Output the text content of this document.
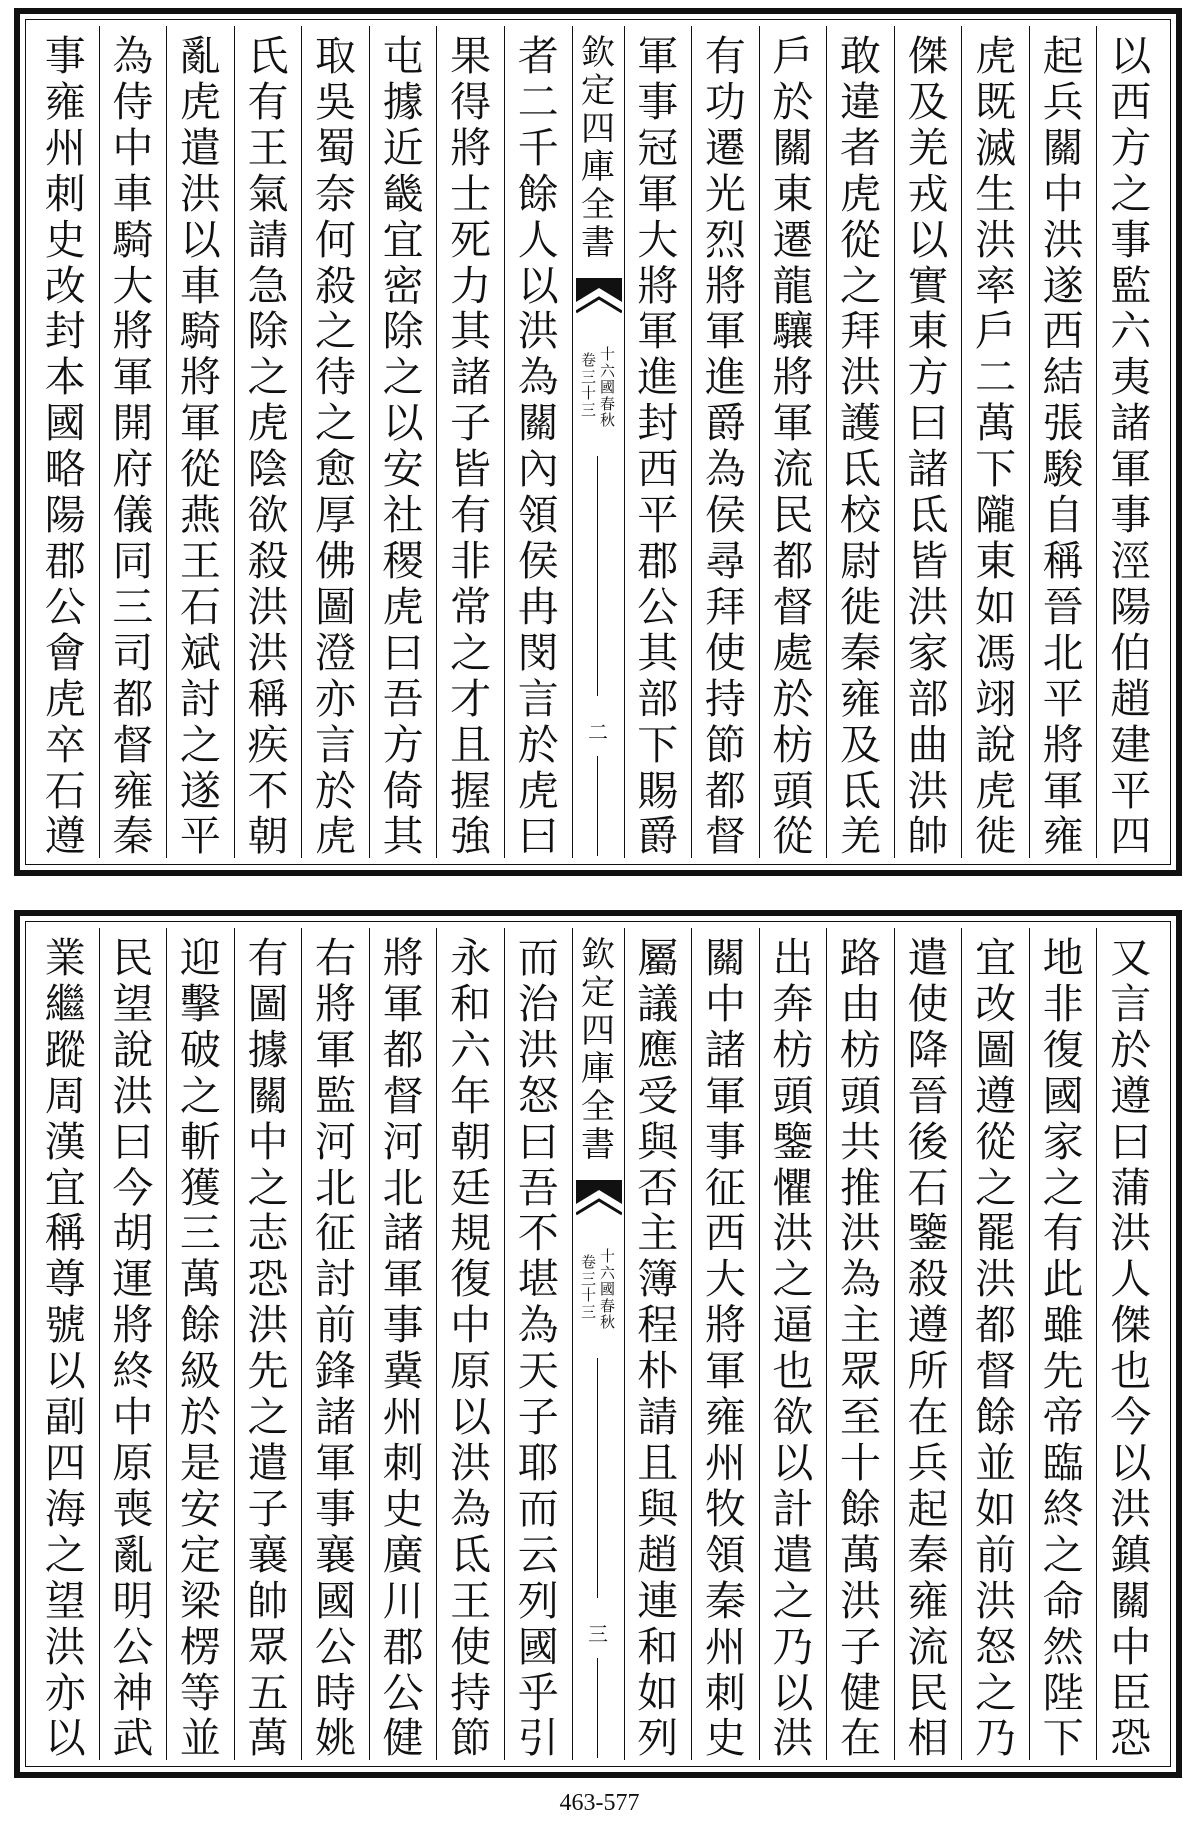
以西方之事監六夷諸軍事涇陽伯趙建平四
起兵關中洪遂西結張駿自稱晉北平將軍雍
虎既滅生洪率戶二萬下隴東如馮翊說虎徙
傑及羌戎以實東方曰諸氐皆洪家部曲洪帥
敢違者虎從之拜洪護氐校尉徙秦雍及氐羌
戶於關東遷龍驤將軍流民都督處於枋頭從
有功遷光烈將軍進爵為侯尋拜使持節都督
軍事冠軍大將軍進封西平郡公其部下賜爵
欽定四庫全書
十六國春秋
卷三十三
二
者二千餘人以洪為關內領侯冉閔言於虎曰
果得將士死力其諸子皆有非常之才且握強
屯據近畿宜密除之以安社稷虎曰吾方倚其
取吳蜀奈何殺之待之愈厚佛圖澄亦言於虎
氏有王氣請急除之虎陰欲殺洪洪稱疾不朝
亂虎遣洪以車騎將軍從燕王石斌討之遂平
為侍中車騎大將軍開府儀同三司都督雍秦
事雍州刺史改封本國略陽郡公會虎卒石遵
又言於遵曰蒲洪人傑也今以洪鎮關中臣恐
地非復國家之有此雖先帝臨終之命然陛下
宜改圖遵從之罷洪都督餘並如前洪怒之乃
遣使降晉後石鑒殺遵所在兵起秦雍流民相
路由枋頭共推洪為主眾至十餘萬洪子健在
出奔枋頭鑒懼洪之逼也欲以計遣之乃以洪
關中諸軍事征西大將軍雍州牧領秦州刺史
屬議應受與否主簿程朴請且與趙連和如列
欽定四庫全書
十六國春秋
卷三十三
三
而治洪怒曰吾不堪為天子耶而云列國乎引
永和六年朝廷規復中原以洪為氐王使持節
將軍都督河北諸軍事冀州刺史廣川郡公健
右將軍監河北征討前鋒諸軍事襄國公時姚
有圖據關中之志恐洪先之遣子襄帥眾五萬
迎擊破之斬獲三萬餘級於是安定梁楞等並
民望說洪曰今胡運將終中原喪亂明公神武
業繼蹤周漢宜稱尊號以副四海之望洪亦以
463-577
